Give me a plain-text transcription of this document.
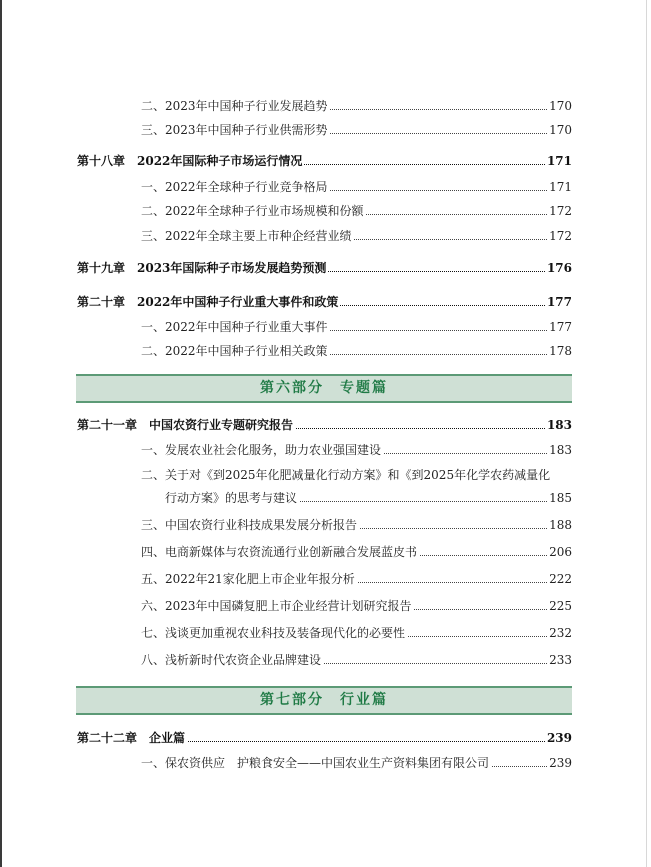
二、2023年中国种子行业发展趋势	170
三、2023年中国种子行业供需形势	170
第十八章　2022年国际种子市场运行情况	171
一、2022年全球种子行业竞争格局	171
二、2022年全球种子行业市场规模和份额	172
三、2022年全球主要上市种企经营业绩	172
第十九章　2023年国际种子市场发展趋势预测	176
第二十章　2022年中国种子行业重大事件和政策	177
一、2022年中国种子行业重大事件	177
二、2022年中国种子行业相关政策	178
第六部分　专题篇
第二十一章　中国农资行业专题研究报告	183
一、发展农业社会化服务，助力农业强国建设	183
二、关于对《到2025年化肥减量化行动方案》和《到2025年化学农药减量化
行动方案》的思考与建议	185
三、中国农资行业科技成果发展分析报告	188
四、电商新媒体与农资流通行业创新融合发展蓝皮书	206
五、2022年21家化肥上市企业年报分析	222
六、2023年中国磷复肥上市企业经营计划研究报告	225
七、浅谈更加重视农业科技及装备现代化的必要性	232
八、浅析新时代农资企业品牌建设	233
第七部分　行业篇
第二十二章　企业篇	239
一、保农资供应　护粮食安全——中国农业生产资料集团有限公司	239
